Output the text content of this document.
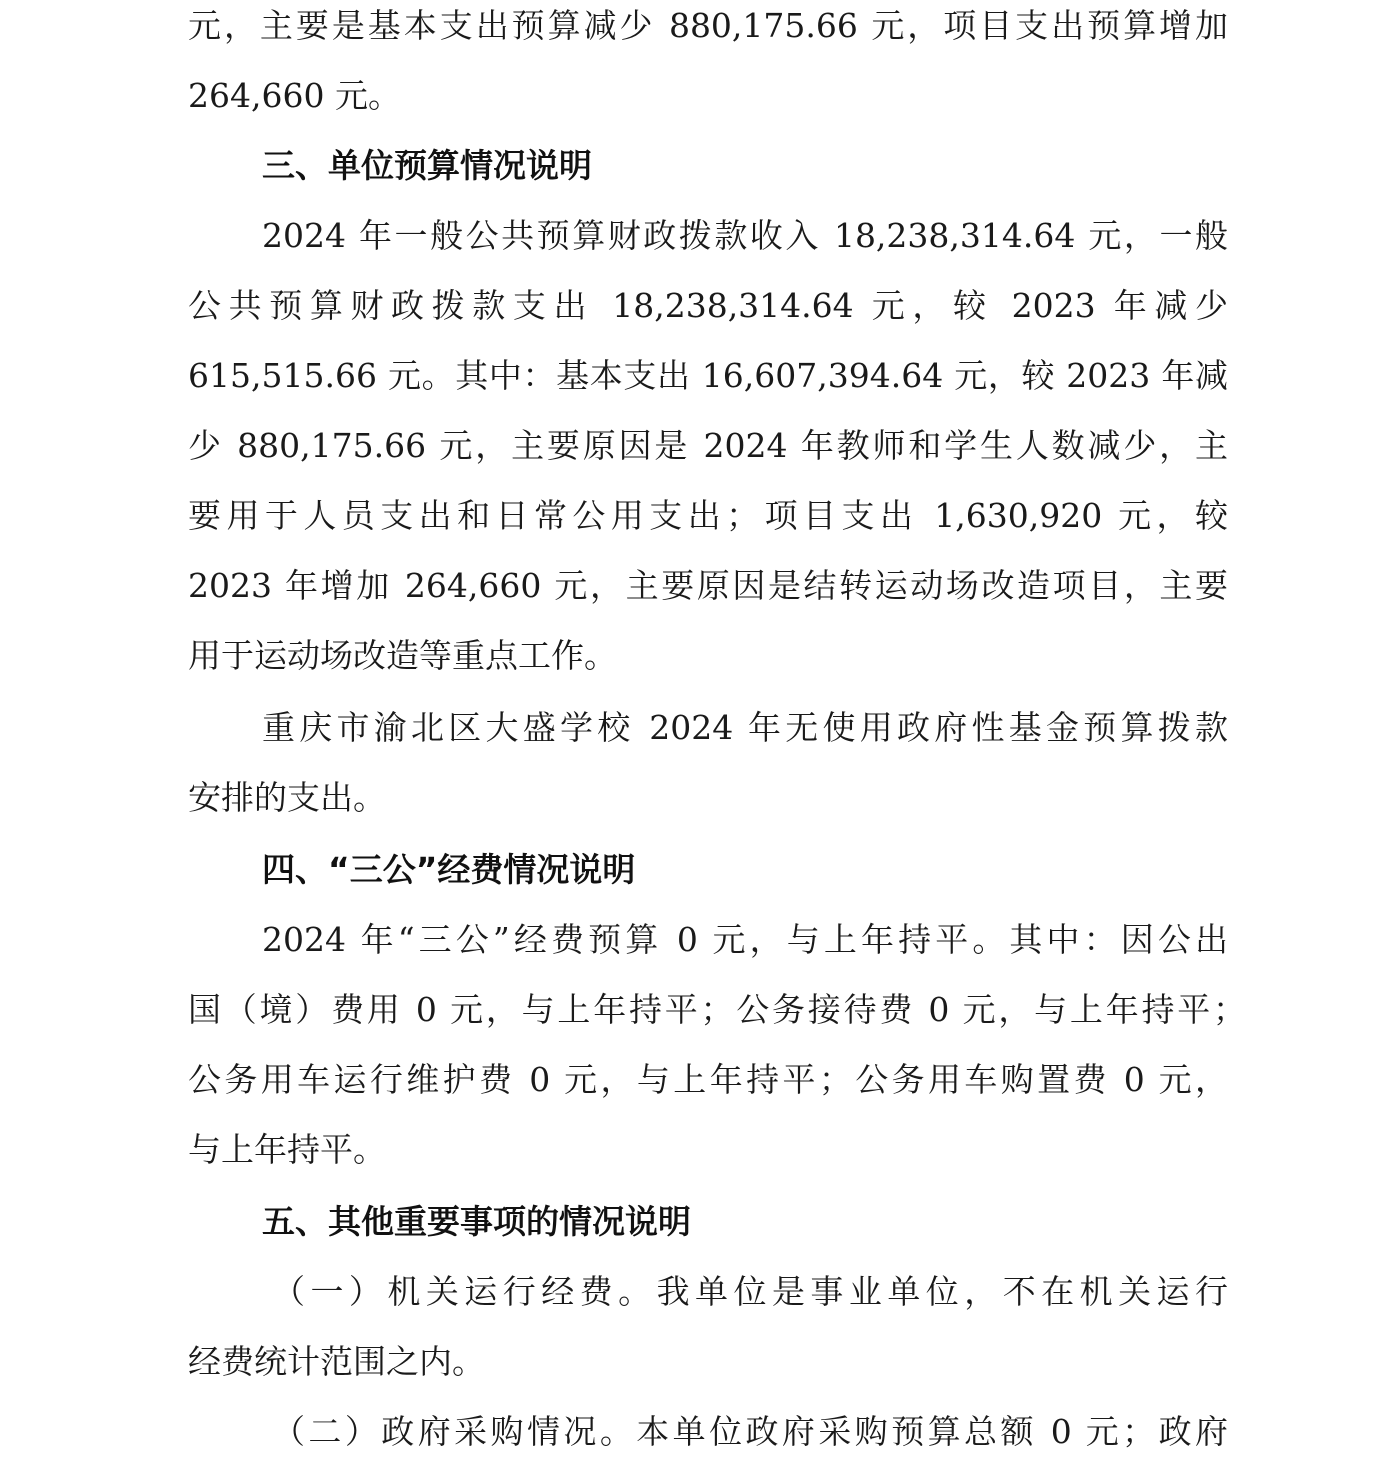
元，主要是基本支出预算减少 880,175.66 元，项目支出预算增加
264,660 元。
三、单位预算情况说明
2024 年一般公共预算财政拨款收入 18,238,314.64 元，一般
公共预算财政拨款支出 18,238,314.64 元，较 2023 年减少
615,515.66 元。其中：基本支出 16,607,394.64 元，较 2023 年减
少 880,175.66 元，主要原因是 2024 年教师和学生人数减少，主
要用于人员支出和日常公用支出；项目支出 1,630,920 元，较
2023 年增加 264,660 元，主要原因是结转运动场改造项目，主要
用于运动场改造等重点工作。
重庆市渝北区大盛学校 2024 年无使用政府性基金预算拨款
安排的支出。
四、“三公”经费情况说明
2024 年“三公”经费预算 0 元，与上年持平。其中：因公出
国（境）费用 0 元，与上年持平；公务接待费 0 元，与上年持平；
公务用车运行维护费 0 元，与上年持平；公务用车购置费 0 元，
与上年持平。
五、其他重要事项的情况说明
（一）机关运行经费。我单位是事业单位，不在机关运行
经费统计范围之内。
（二）政府采购情况。本单位政府采购预算总额 0 元；政府
